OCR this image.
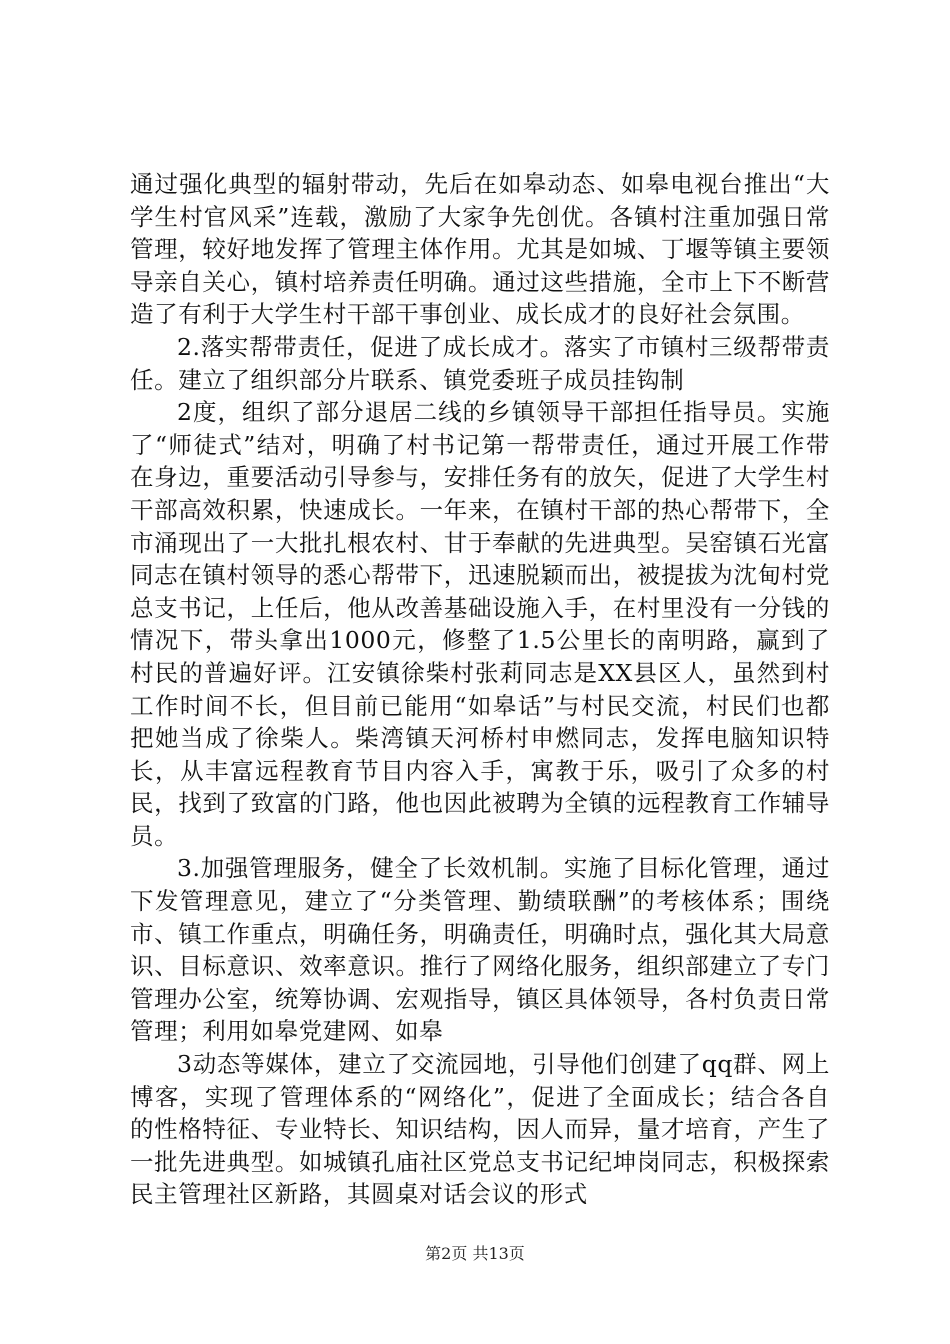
通过强化典型的辐射带动，先后在如皋动态、如皋电视台推出“大学生村官风采”连载，激励了大家争先创优。各镇村注重加强日常管理，较好地发挥了管理主体作用。尤其是如城、丁堰等镇主要领导亲自关心，镇村培养责任明确。通过这些措施，全市上下不断营造了有利于大学生村干部干事创业、成长成才的良好社会氛围。

2.落实帮带责任，促进了成长成才。落实了市镇村三级帮带责任。建立了组织部分片联系、镇党委班子成员挂钩制

2度，组织了部分退居二线的乡镇领导干部担任指导员。实施了“师徒式”结对，明确了村书记第一帮带责任，通过开展工作带在身边，重要活动引导参与，安排任务有的放矢，促进了大学生村干部高效积累，快速成长。一年来，在镇村干部的热心帮带下，全市涌现出了一大批扎根农村、甘于奉献的先进典型。吴窑镇石光富同志在镇村领导的悉心帮带下，迅速脱颖而出，被提拔为沈甸村党总支书记，上任后，他从改善基础设施入手，在村里没有一分钱的情况下，带头拿出1000元，修整了1.5公里长的南明路，赢到了村民的普遍好评。江安镇徐柴村张莉同志是XX县区人，虽然到村工作时间不长，但目前已能用“如皋话”与村民交流，村民们也都把她当成了徐柴人。柴湾镇天河桥村申燃同志，发挥电脑知识特长，从丰富远程教育节目内容入手，寓教于乐，吸引了众多的村民，找到了致富的门路，他也因此被聘为全镇的远程教育工作辅导员。

3.加强管理服务，健全了长效机制。实施了目标化管理，通过下发管理意见，建立了“分类管理、勤绩联酬”的考核体系；围绕市、镇工作重点，明确任务，明确责任，明确时点，强化其大局意识、目标意识、效率意识。推行了网络化服务，组织部建立了专门管理办公室，统筹协调、宏观指导，镇区具体领导，各村负责日常管理；利用如皋党建网、如皋

3动态等媒体，建立了交流园地，引导他们创建了qq群、网上博客，实现了管理体系的“网络化”，促进了全面成长；结合各自的性格特征、专业特长、知识结构，因人而异，量才培育，产生了一批先进典型。如城镇孔庙社区党总支书记纪坤岗同志，积极探索民主管理社区新路，其圆桌对话会议的形式

第2页 共13页
